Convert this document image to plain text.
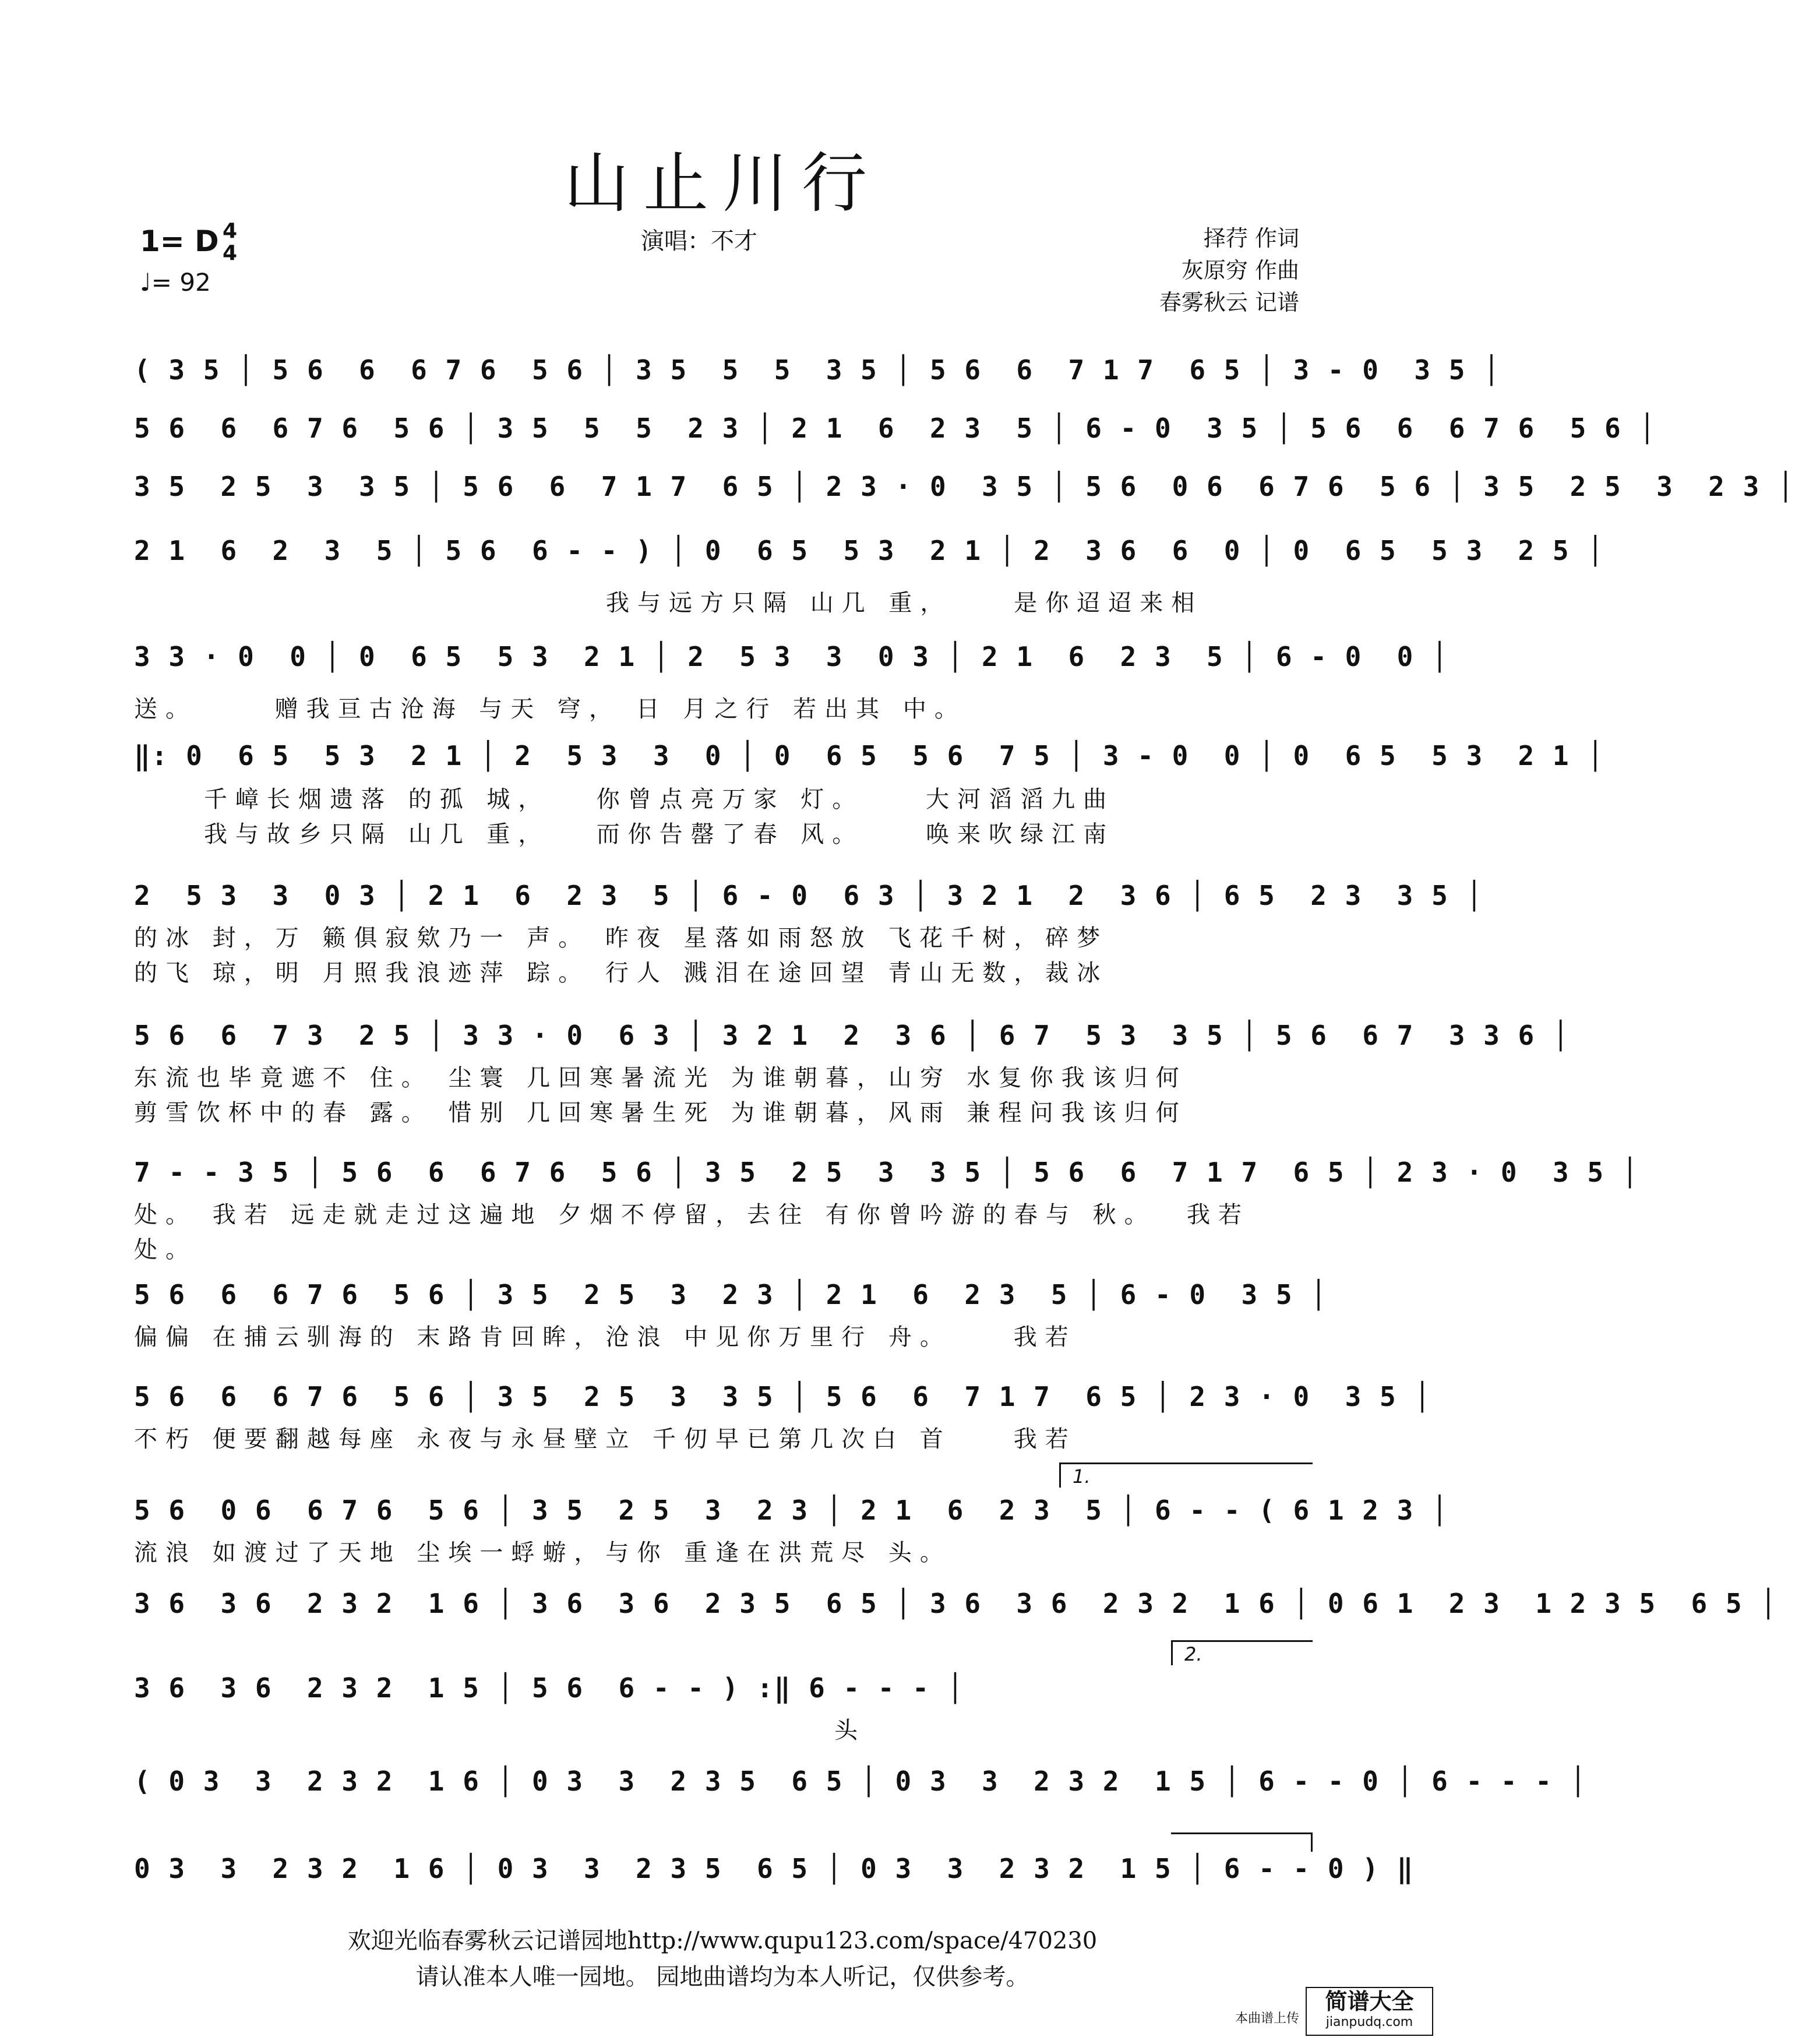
山止川行
1= D 4
4
♩= 92
演唱：不才	择荇 作词
灰原穷 作曲
春雾秋云 记谱
( 3 5 │ 5 6  6  6 7 6  5 6 │ 3 5  5  5  3 5 │ 5 6  6  7 1 7  6 5 │ 3 - 0  3 5 │
5 6  6  6 7 6  5 6 │ 3 5  5  5  2 3 │ 2 1  6  2 3  5 │ 6 - 0  3 5 │ 5 6  6  6 7 6  5 6 │
3 5  2 5  3  3 5 │ 5 6  6  7 1 7  6 5 │ 2 3 · 0  3 5 │ 5 6  0 6  6 7 6  5 6 │ 3 5  2 5  3  2 3 │
2 1  6  2  3  5 │ 5 6  6 - - ) │ 0  6 5  5 3  2 1 │ 2  3 6  6  0 │ 0  6 5  5 3  2 5 │
我与远方只隔 山几 重，    是你迢迢来相
3 3 · 0  0 │ 0  6 5  5 3  2 1 │ 2  5 3  3  0 3 │ 2 1  6  2 3  5 │ 6 - 0  0 │
送。     赠我亘古沧海 与天 穹， 日 月之行 若出其 中。
‖: 0  6 5  5 3  2 1 │ 2  5 3  3  0 │ 0  6 5  5 6  7 5 │ 3 - 0  0 │ 0  6 5  5 3  2 1 │
千嶂长烟遗落 的孤 城，   你曾点亮万家 灯。    大河滔滔九曲
我与故乡只隔 山几 重，   而你告罄了春 风。    唤来吹绿江南
2  5 3  3  0 3 │ 2 1  6  2 3  5 │ 6 - 0  6 3 │ 3 2 1  2  3 6 │ 6 5  2 3  3 5 │
的冰 封，万 籁俱寂欸乃一 声。 昨夜 星落如雨怒放 飞花千树，碎梦
的飞 琼，明 月照我浪迹萍 踪。 行人 溅泪在途回望 青山无数，裁冰
5 6  6  7 3  2 5 │ 3 3 · 0  6 3 │ 3 2 1  2  3 6 │ 6 7  5 3  3 5 │ 5 6  6 7  3 3 6 │
东流也毕竟遮不 住。 尘寰 几回寒暑流光 为谁朝暮，山穷 水复你我该归何
剪雪饮杯中的春 露。 惜别 几回寒暑生死 为谁朝暮，风雨 兼程问我该归何
7 - - 3 5 │ 5 6  6  6 7 6  5 6 │ 3 5  2 5  3  3 5 │ 5 6  6  7 1 7  6 5 │ 2 3 · 0  3 5 │
处。 我若 远走就走过这遍地 夕烟不停留，去往 有你曾吟游的春与 秋。  我若
处。
5 6  6  6 7 6  5 6 │ 3 5  2 5  3  2 3 │ 2 1  6  2 3  5 │ 6 - 0  3 5 │
偏偏 在捕云驯海的 末路肯回眸，沧浪 中见你万里行 舟。    我若
5 6  6  6 7 6  5 6 │ 3 5  2 5  3  3 5 │ 5 6  6  7 1 7  6 5 │ 2 3 · 0  3 5 │
不朽 便要翻越每座 永夜与永昼壁立 千仞早已第几次白 首    我若
1.
5 6  0 6  6 7 6  5 6 │ 3 5  2 5  3  2 3 │ 2 1  6  2 3  5 │ 6 - - ( 6 1 2 3 │
流浪 如渡过了天地 尘埃一蜉蝣，与你 重逢在洪荒尽 头。
3 6  3 6  2 3 2  1 6 │ 3 6  3 6  2 3 5  6 5 │ 3 6  3 6  2 3 2  1 6 │ 0 6 1  2 3  1 2 3 5  6 5 │
2.
3 6  3 6  2 3 2  1 5 │ 5 6  6 - - ) :‖ 6 - - - │
头
( 0 3  3  2 3 2  1 6 │ 0 3  3  2 3 5  6 5 │ 0 3  3  2 3 2  1 5 │ 6 - - 0 │ 6 - - - │
0 3  3  2 3 2  1 6 │ 0 3  3  2 3 5  6 5 │ 0 3  3  2 3 2  1 5 │ 6 - - 0 ) ‖
欢迎光临春雾秋云记谱园地http://www.qupu123.com/space/470230
请认准本人唯一园地。 园地曲谱均为本人听记，仅供参考。
本曲谱上传
简谱大全
jianpudq.com
